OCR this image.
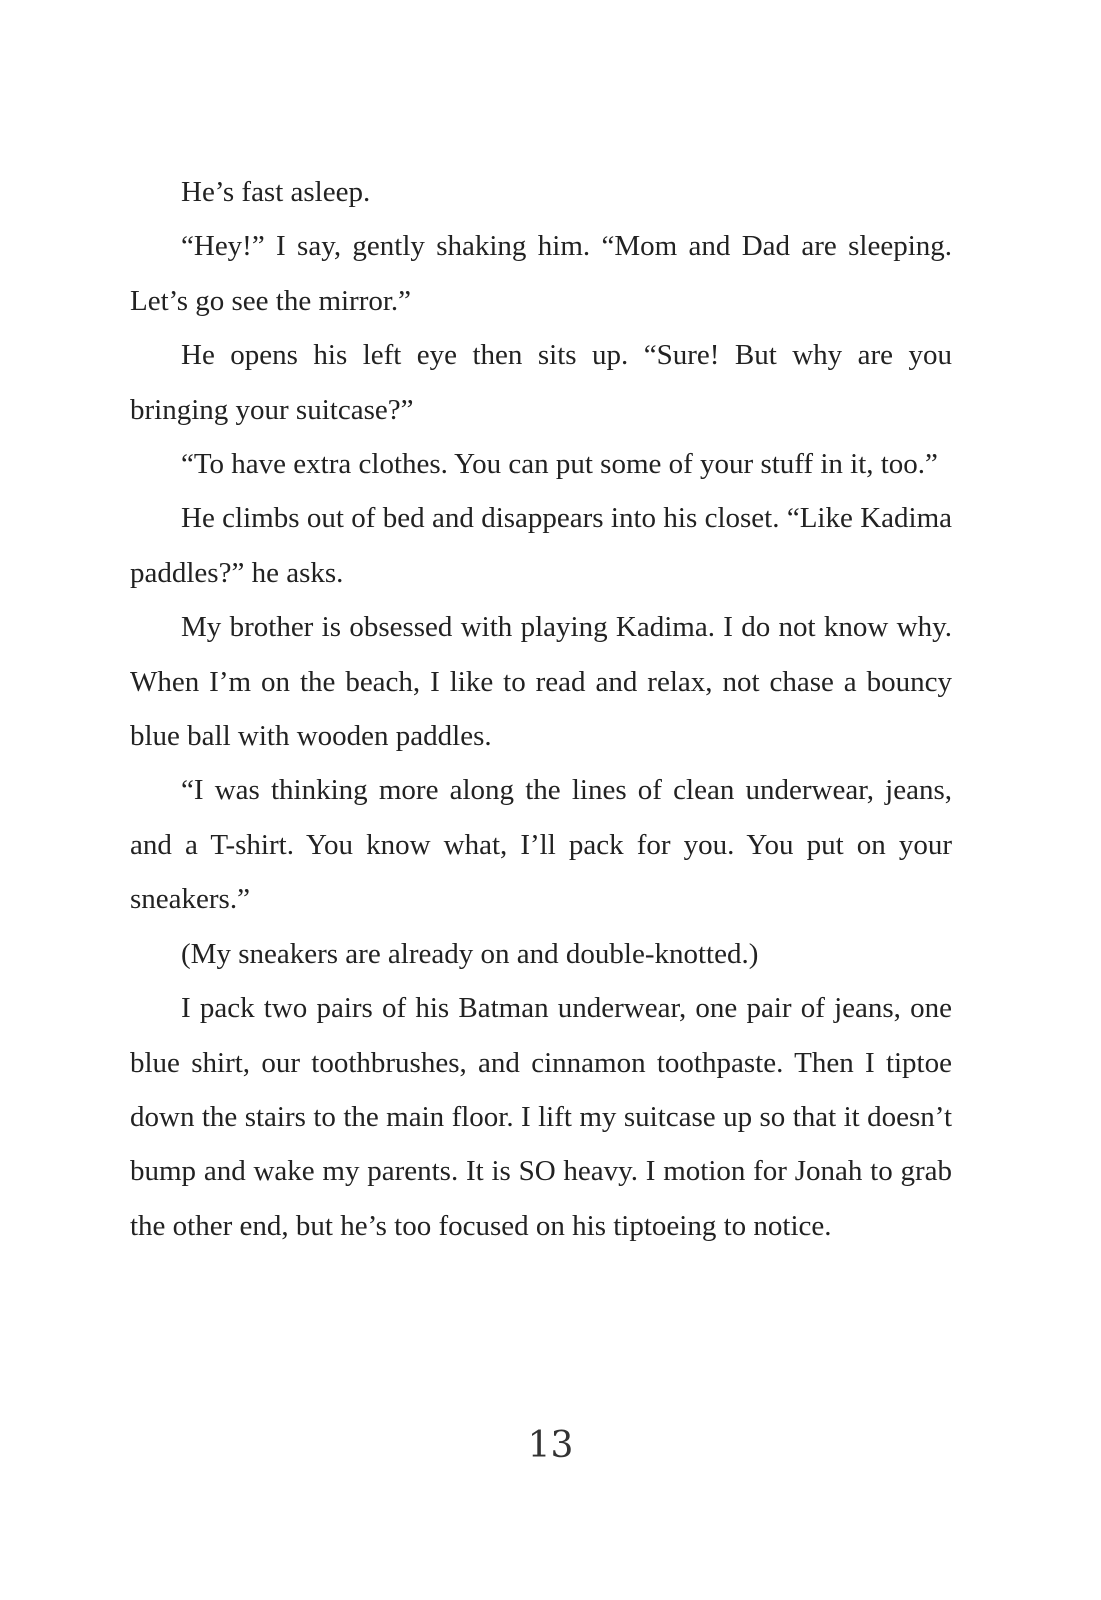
He’s fast asleep.

“Hey!” I say, gently shaking him. “Mom and Dad are sleeping. Let’s go see the mirror.”

He opens his left eye then sits up. “Sure! But why are you bringing your suitcase?”

“To have extra clothes. You can put some of your stuff in it, too.”

He climbs out of bed and disappears into his closet. “Like Kadima paddles?” he asks.

My brother is obsessed with playing Kadima. I do not know why. When I’m on the beach, I like to read and relax, not chase a bouncy blue ball with wooden paddles.

“I was thinking more along the lines of clean underwear, jeans, and a T-shirt. You know what, I’ll pack for you. You put on your sneakers.”

(My sneakers are already on and double-knotted.)

I pack two pairs of his Batman underwear, one pair of jeans, one blue shirt, our toothbrushes, and cinnamon toothpaste. Then I tiptoe down the stairs to the main floor. I lift my suitcase up so that it doesn’t bump and wake my parents. It is SO heavy. I motion for Jonah to grab the other end, but he’s too focused on his tiptoeing to notice.

13
